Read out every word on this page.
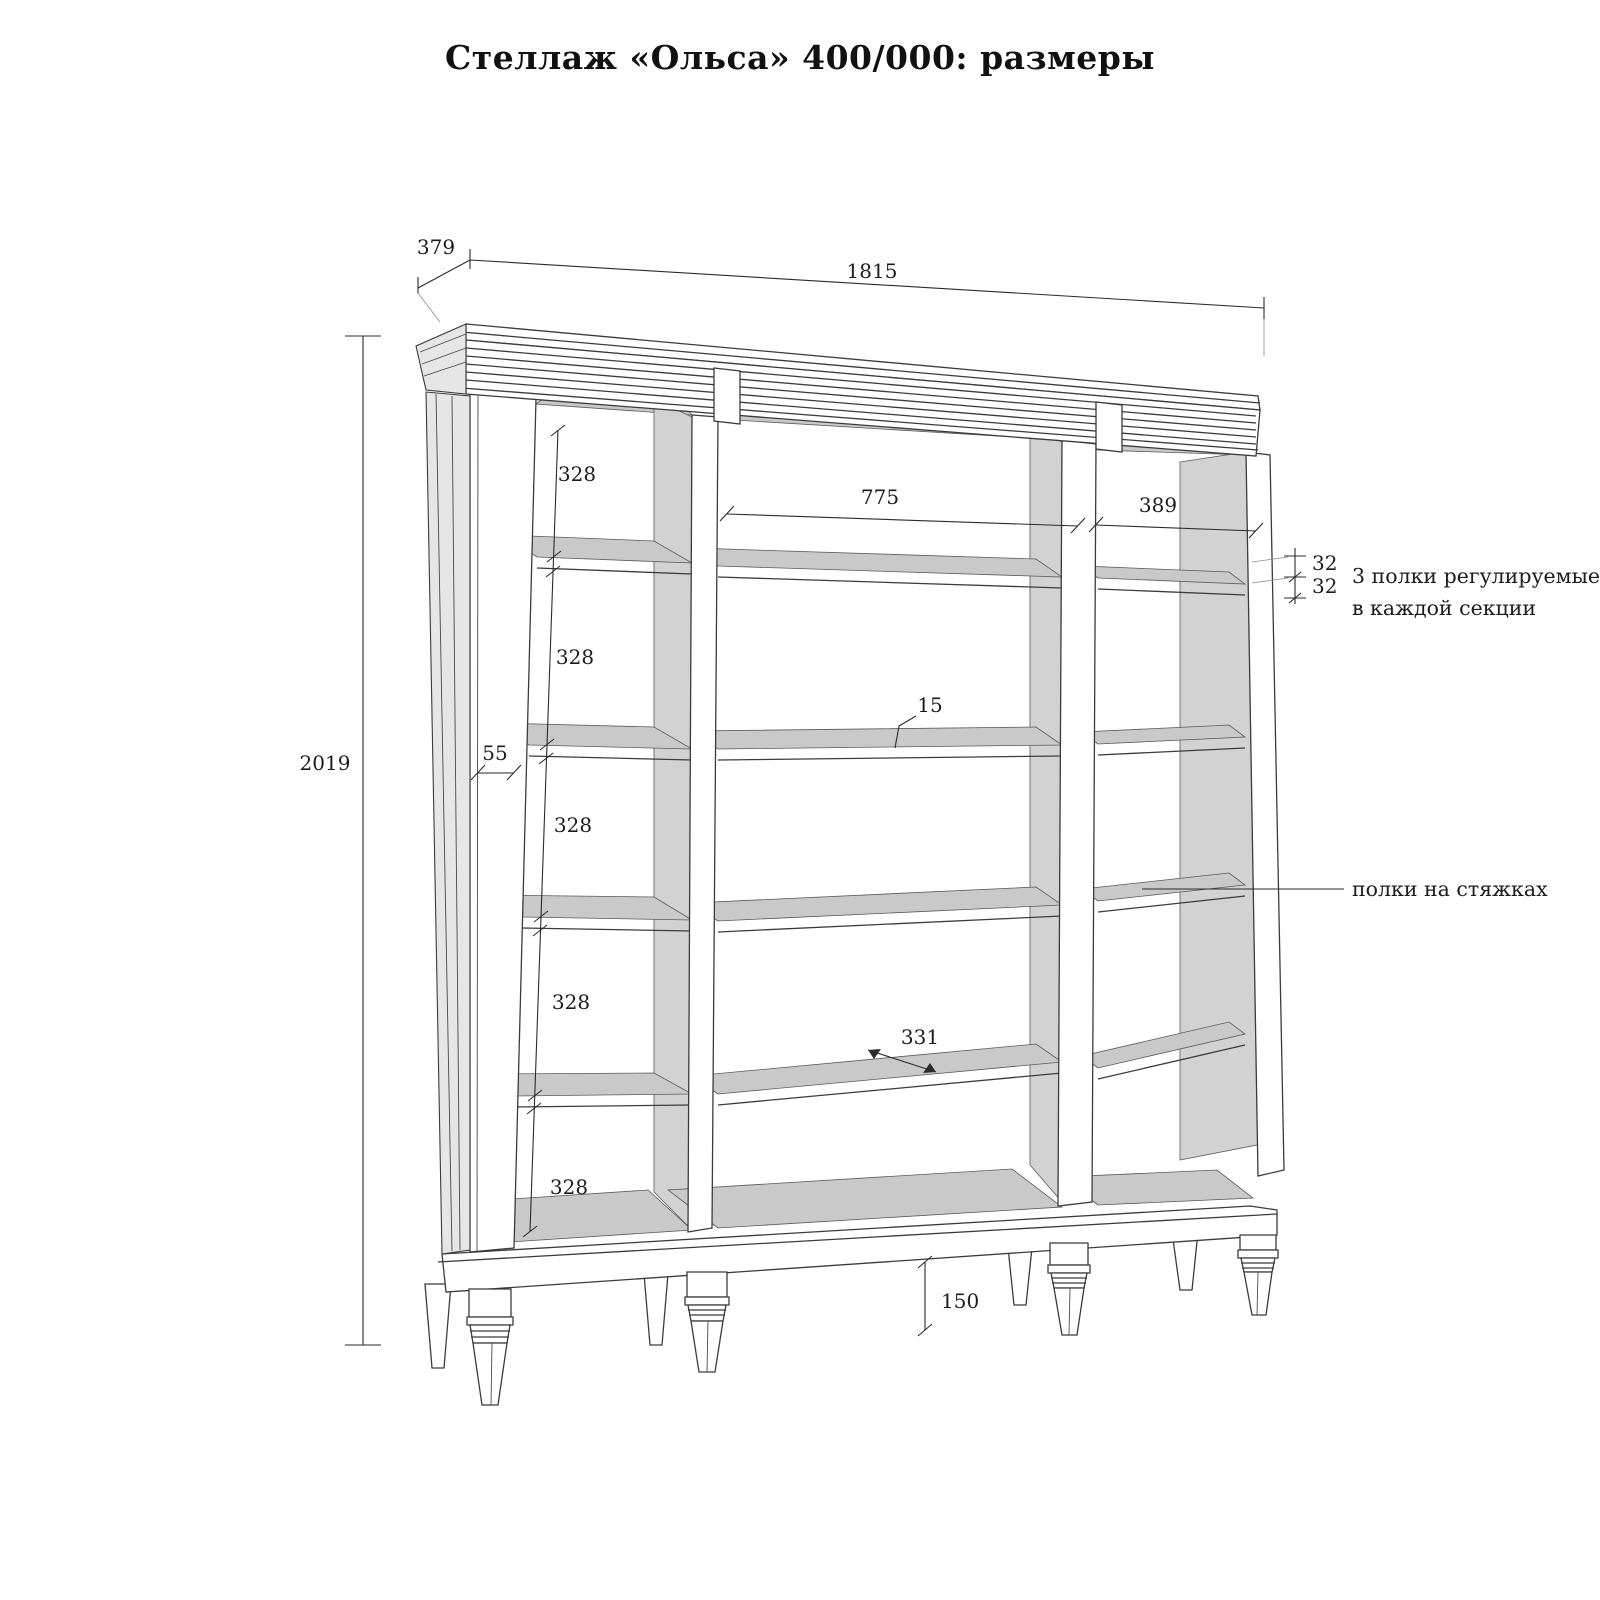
Стеллаж «Ольса» 400/000: размеры
379
1815
2019
328
328
328
328
328
55
775	389
32
32 3 полки регулируемые
в каждой секции
15
полки на стяжках
331
150
